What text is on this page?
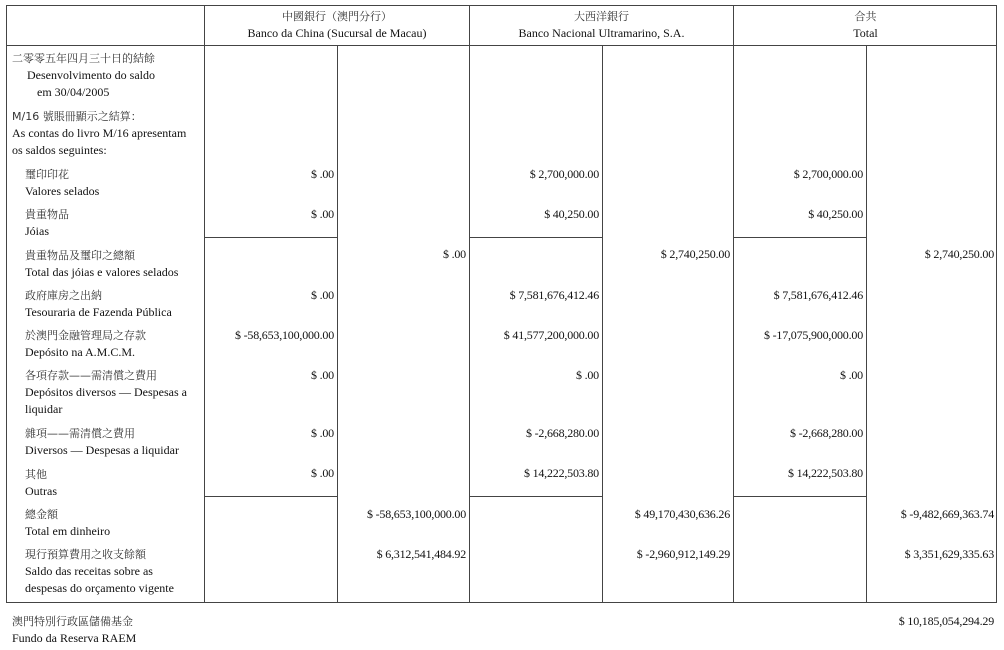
中國銀行（澳門分行）
Banco da China (Sucursal de Macau)
大西洋銀行
Banco Nacional Ultramarino, S.A.
合共
Total
二零零五年四月三十日的結餘
Desenvolvimento do saldo
em 30/04/2005
M/16 號賬冊顯示之結算：
As contas do livro M/16 apresentam
os saldos seguintes:
璽印印花
Valores selados
貴重物品
Jóias
貴重物品及璽印之總額
Total das jóias e valores selados
政府庫房之出納
Tesouraria de Fazenda Pública
於澳門金融管理局之存款
Depósito na A.M.C.M.
各項存款——需清償之費用
Depósitos diversos — Despesas a
liquidar
雜項——需清償之費用
Diversos — Despesas a liquidar
其他
Outras
總金額
Total em dinheiro
現行預算費用之收支餘額
Saldo das receitas sobre as
despesas do orçamento vigente
$ .00
$ .00
$ .00
$ -58,653,100,000.00
$ .00
$ .00
$ .00
$ .00
$ -58,653,100,000.00
$ 6,312,541,484.92
$ 2,700,000.00
$ 40,250.00
$ 7,581,676,412.46
$ 41,577,200,000.00
$ .00
$ -2,668,280.00
$ 14,222,503.80
$ 2,740,250.00
$ 49,170,430,636.26
$ -2,960,912,149.29
$ 2,700,000.00
$ 40,250.00
$ 7,581,676,412.46
$ -17,075,900,000.00
$ .00
$ -2,668,280.00
$ 14,222,503.80
$ 2,740,250.00
$ -9,482,669,363.74
$ 3,351,629,335.63
澳門特別行政區儲備基金
Fundo da Reserva RAEM
$ 10,185,054,294.29
